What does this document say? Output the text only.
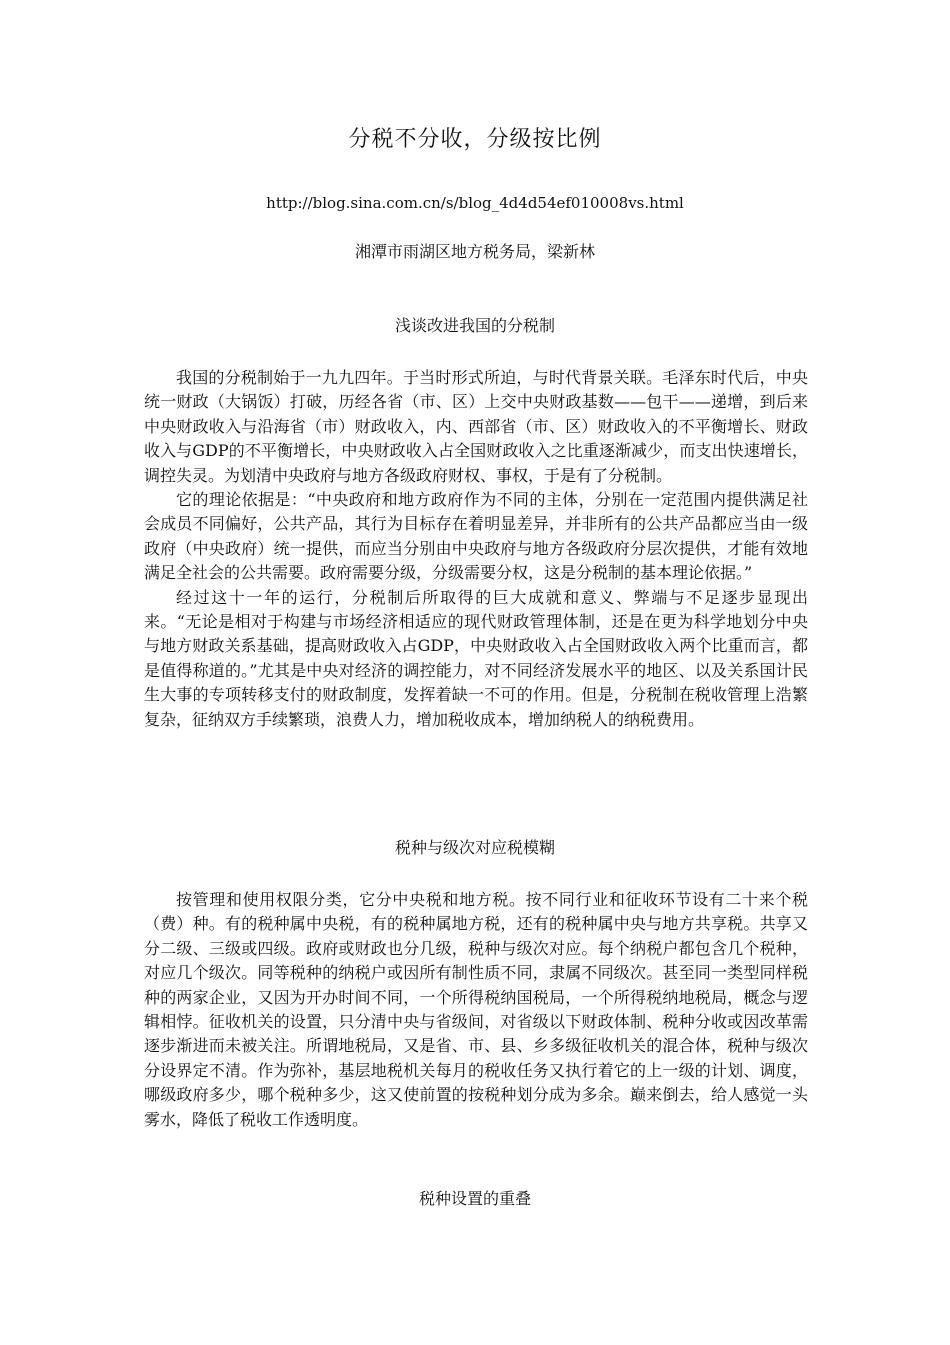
分税不分收，分级按比例
http://blog.sina.com.cn/s/blog_4d4d54ef010008vs.html
湘潭市雨湖区地方税务局，梁新林
浅谈改进我国的分税制

我国的分税制始于一九九四年。于当时形式所迫，与时代背景关联。毛泽东时代后，中央统一财政（大锅饭）打破，历经各省（市、区）上交中央财政基数——包干——递增，到后来中央财政收入与沿海省（市）财政收入，内、西部省（市、区）财政收入的不平衡增长、财政收入与GDP的不平衡增长，中央财政收入占全国财政收入之比重逐渐减少，而支出快速增长，调控失灵。为划清中央政府与地方各级政府财权、事权，于是有了分税制。

它的理论依据是：“中央政府和地方政府作为不同的主体，分别在一定范围内提供满足社会成员不同偏好，公共产品，其行为目标存在着明显差异，并非所有的公共产品都应当由一级政府（中央政府）统一提供，而应当分别由中央政府与地方各级政府分层次提供，才能有效地满足全社会的公共需要。政府需要分级，分级需要分权，这是分税制的基本理论依据。”

经过这十一年的运行，分税制后所取得的巨大成就和意义、弊端与不足逐步显现出来。“无论是相对于构建与市场经济相适应的现代财政管理体制，还是在更为科学地划分中央与地方财政关系基础，提高财政收入占GDP，中央财政收入占全国财政收入两个比重而言，都是值得称道的。”尤其是中央对经济的调控能力，对不同经济发展水平的地区、以及关系国计民生大事的专项转移支付的财政制度，发挥着缺一不可的作用。但是，分税制在税收管理上浩繁复杂，征纳双方手续繁琐，浪费人力，增加税收成本，增加纳税人的纳税费用。

税种与级次对应税模糊

按管理和使用权限分类，它分中央税和地方税。按不同行业和征收环节设有二十来个税（费）种。有的税种属中央税，有的税种属地方税，还有的税种属中央与地方共享税。共享又分二级、三级或四级。政府或财政也分几级，税种与级次对应。每个纳税户都包含几个税种，对应几个级次。同等税种的纳税户或因所有制性质不同，隶属不同级次。甚至同一类型同样税种的两家企业，又因为开办时间不同，一个所得税纳国税局，一个所得税纳地税局，概念与逻辑相悖。征收机关的设置，只分清中央与省级间，对省级以下财政体制、税种分收或因改革需逐步渐进而未被关注。所谓地税局，又是省、市、县、乡多级征收机关的混合体，税种与级次分设界定不清。作为弥补，基层地税机关每月的税收任务又执行着它的上一级的计划、调度，哪级政府多少，哪个税种多少，这又使前置的按税种划分成为多余。巅来倒去，给人感觉一头雾水，降低了税收工作透明度。

税种设置的重叠
